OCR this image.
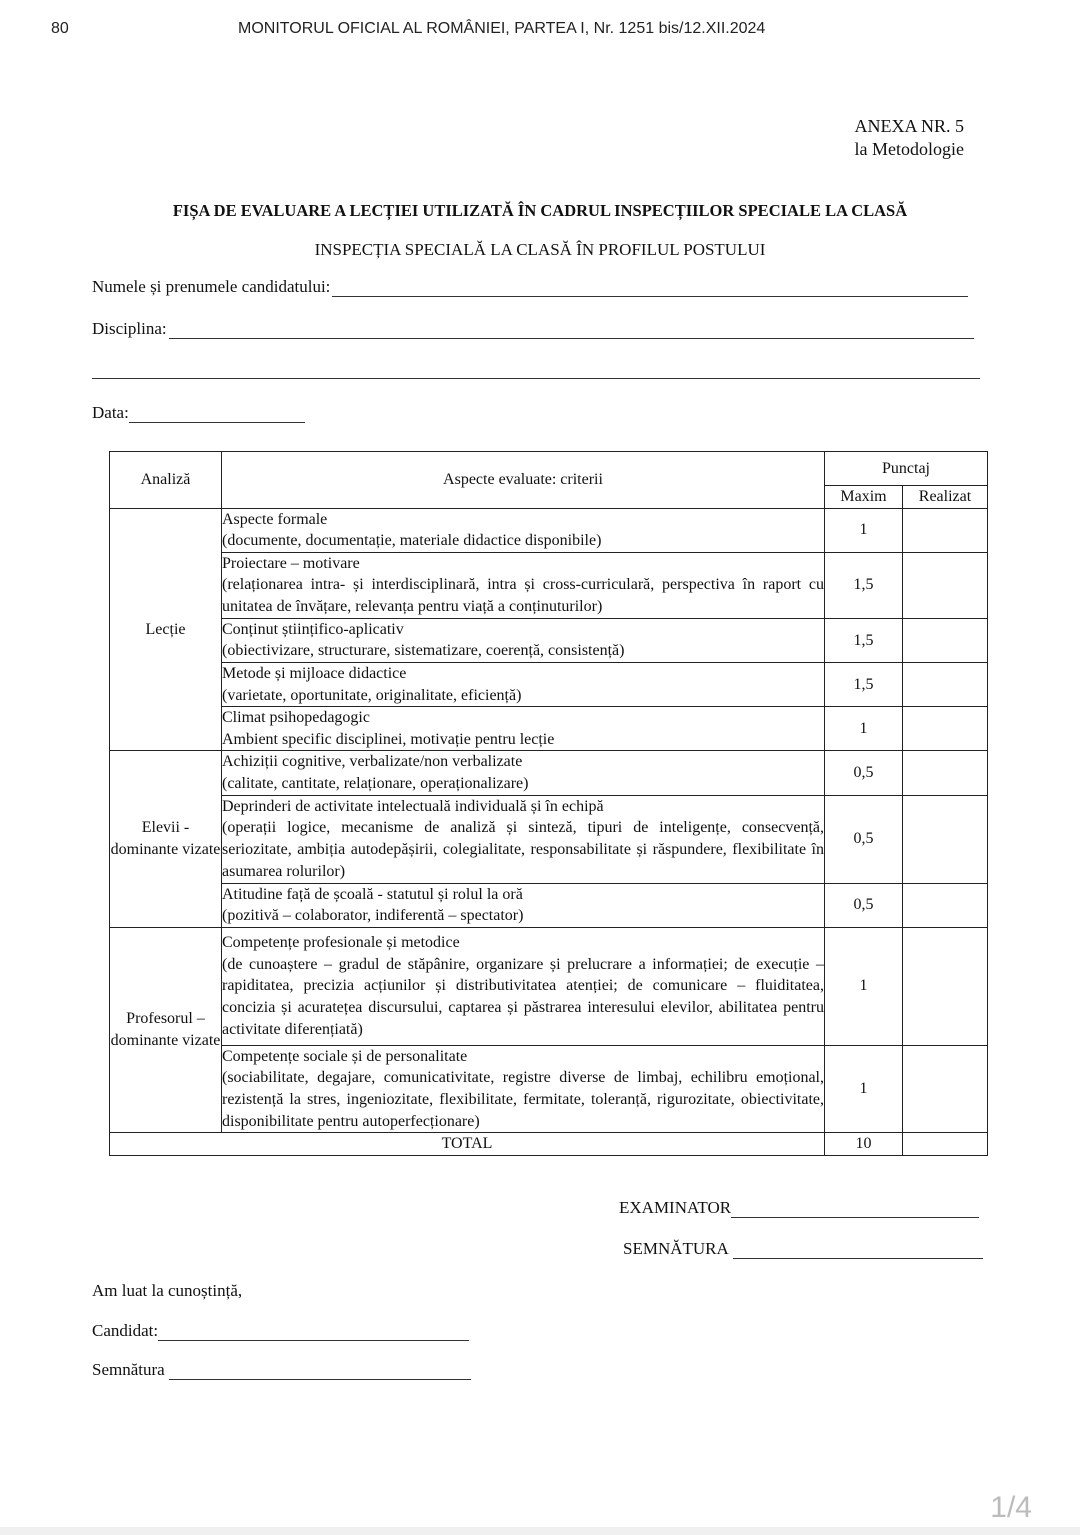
80	MONITORUL OFICIAL AL ROMÂNIEI, PARTEA I, Nr. 1251 bis/12.XII.2024
ANEXA NR. 5
la Metodologie
FIȘA DE EVALUARE A LECȚIEI UTILIZATĂ ÎN CADRUL INSPECȚIILOR SPECIALE LA CLASĂ
INSPECȚIA SPECIALĂ LA CLASĂ ÎN PROFILUL POSTULUI
Numele și prenumele candidatului:
Disciplina:
Data:
Analiză	Aspecte evaluate: criterii	Punctaj	
		Maxim	Realizat
Lecție	Aspecte formale
(documente, documentație, materiale didactice disponibile)	1	

	Proiectare – motivare
(relaționarea intra- și interdisciplinară, intra și cross-curriculară, perspectiva în raport cu unitatea de învățare, relevanța pentru viață a conținuturilor)	1,5	

	Conținut științifico-aplicativ
(obiectivizare, structurare, sistematizare, coerență, consistență)	1,5	

	Metode și mijloace didactice
(varietate, oportunitate, originalitate, eficiență)	1,5	

	Climat psihopedagogic
Ambient specific disciplinei, motivație pentru lecție	1	
Elevii - dominante vizate	Achiziții cognitive, verbalizate/non verbalizate
(calitate, cantitate, relaționare, operaționalizare)	0,5	

	Deprinderi de activitate intelectuală individuală și în echipă
(operații logice, mecanisme de analiză și sinteză, tipuri de inteligențe, consecvență, seriozitate, ambiția autodepășirii, colegialitate, responsabilitate și răspundere, flexibilitate în asumarea rolurilor)	0,5	

	Atitudine față de școală - statutul și rolul la oră
(pozitivă – colaborator, indiferentă – spectator)	0,5	
Profesorul – dominante vizate	Competențe profesionale și metodice
(de cunoaștere – gradul de stăpânire, organizare și prelucrare a informației; de execuție – rapiditatea, precizia acțiunilor și distributivitatea atenției; de comunicare – fluiditatea, concizia și acuratețea discursului, captarea și păstrarea interesului elevilor, abilitatea pentru activitate diferențiată)	1	

	Competențe sociale și de personalitate
(sociabilitate, degajare, comunicativitate, registre diverse de limbaj, echilibru emoțional, rezistență la stres, ingeniozitate, flexibilitate, fermitate, toleranță, rigurozitate, obiectivitate, disponibilitate pentru autoperfecționare)	1	
TOTAL		10	
EXAMINATOR
SEMNĂTURA
Am luat la cunoștință,
Candidat:
Semnătura
1/4
